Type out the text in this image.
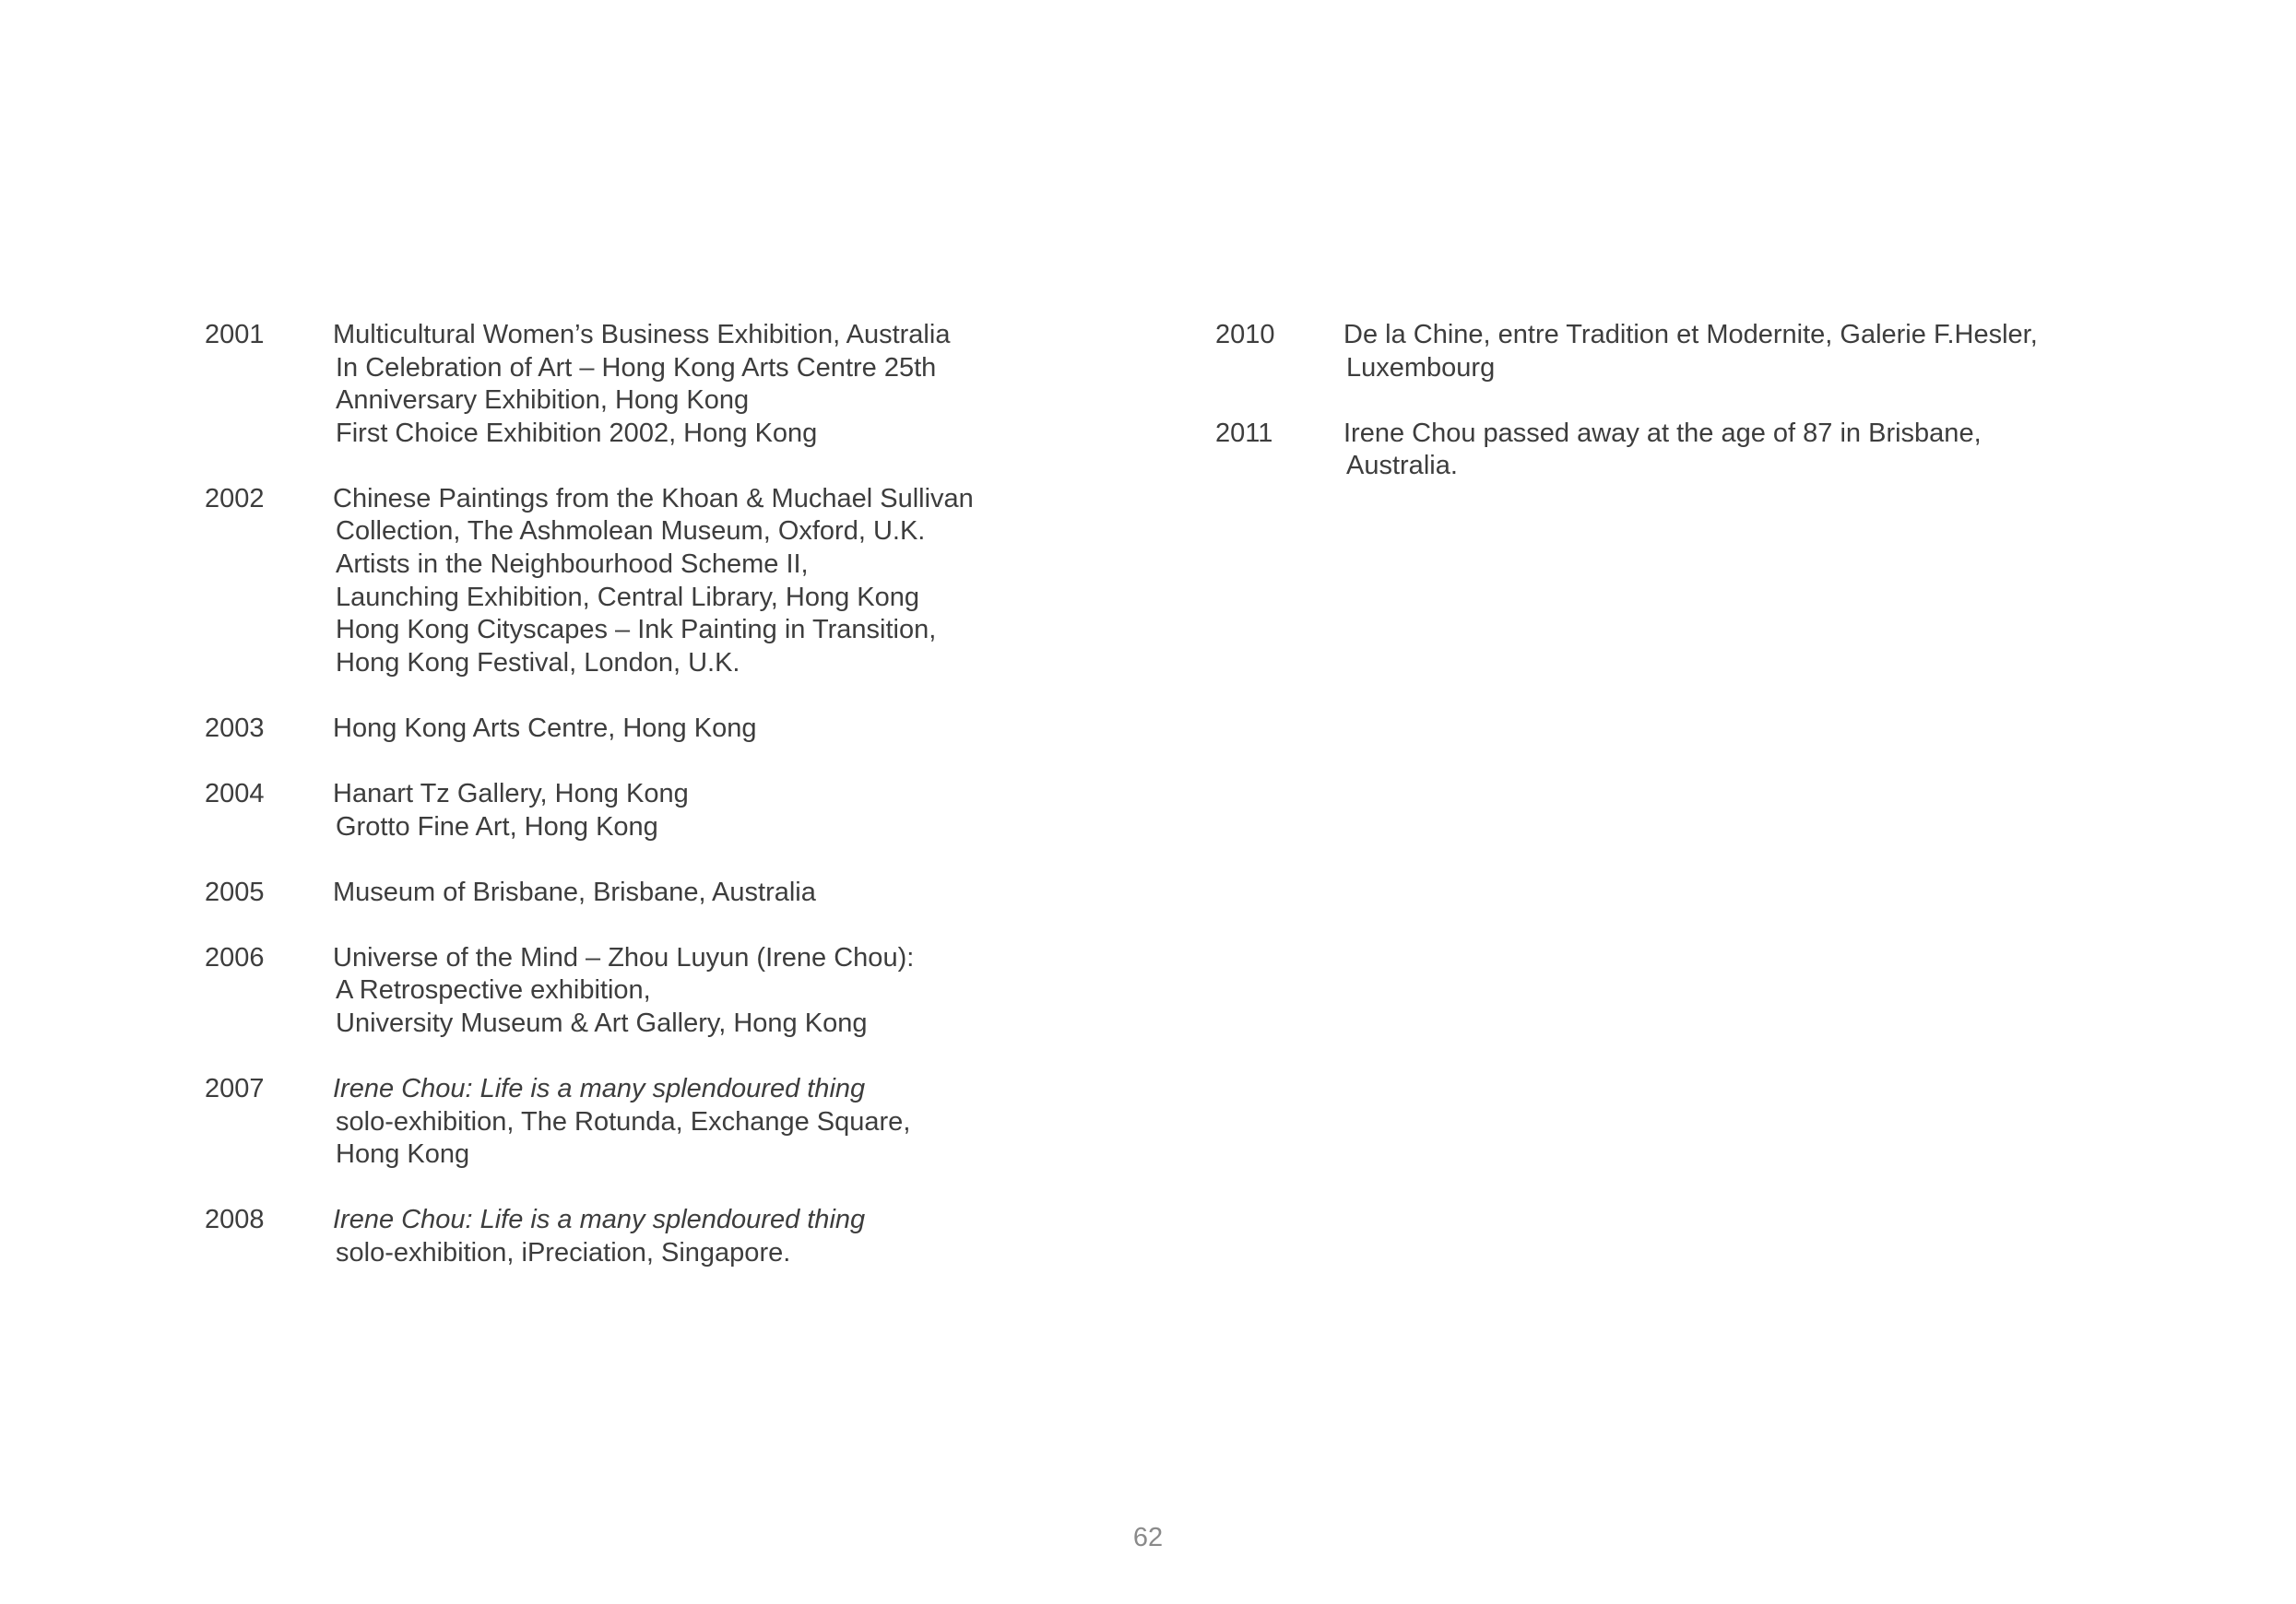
2001	Multicultural Women’s Business Exhibition, Australia
In Celebration of Art – Hong Kong Arts Centre 25th
Anniversary Exhibition, Hong Kong
First Choice Exhibition 2002, Hong Kong
2002	Chinese Paintings from the Khoan & Muchael Sullivan
Collection, The Ashmolean Museum, Oxford, U.K.
Artists in the Neighbourhood Scheme II,
Launching Exhibition, Central Library, Hong Kong
Hong Kong Cityscapes – Ink Painting in Transition,
Hong Kong Festival, London, U.K.
2003	Hong Kong Arts Centre, Hong Kong
2004	Hanart Tz Gallery, Hong Kong
Grotto Fine Art, Hong Kong
2005	Museum of Brisbane, Brisbane, Australia
2006	Universe of the Mind – Zhou Luyun (Irene Chou):
A Retrospective exhibition,
University Museum & Art Gallery, Hong Kong
2007	Irene Chou: Life is a many splendoured thing
solo-exhibition, The Rotunda, Exchange Square,
Hong Kong
2008	Irene Chou: Life is a many splendoured thing
solo-exhibition, iPreciation, Singapore.
2010	De la Chine, entre Tradition et Modernite, Galerie F.Hesler,
Luxembourg
2011	Irene Chou passed away at the age of 87 in Brisbane,
Australia.
62
